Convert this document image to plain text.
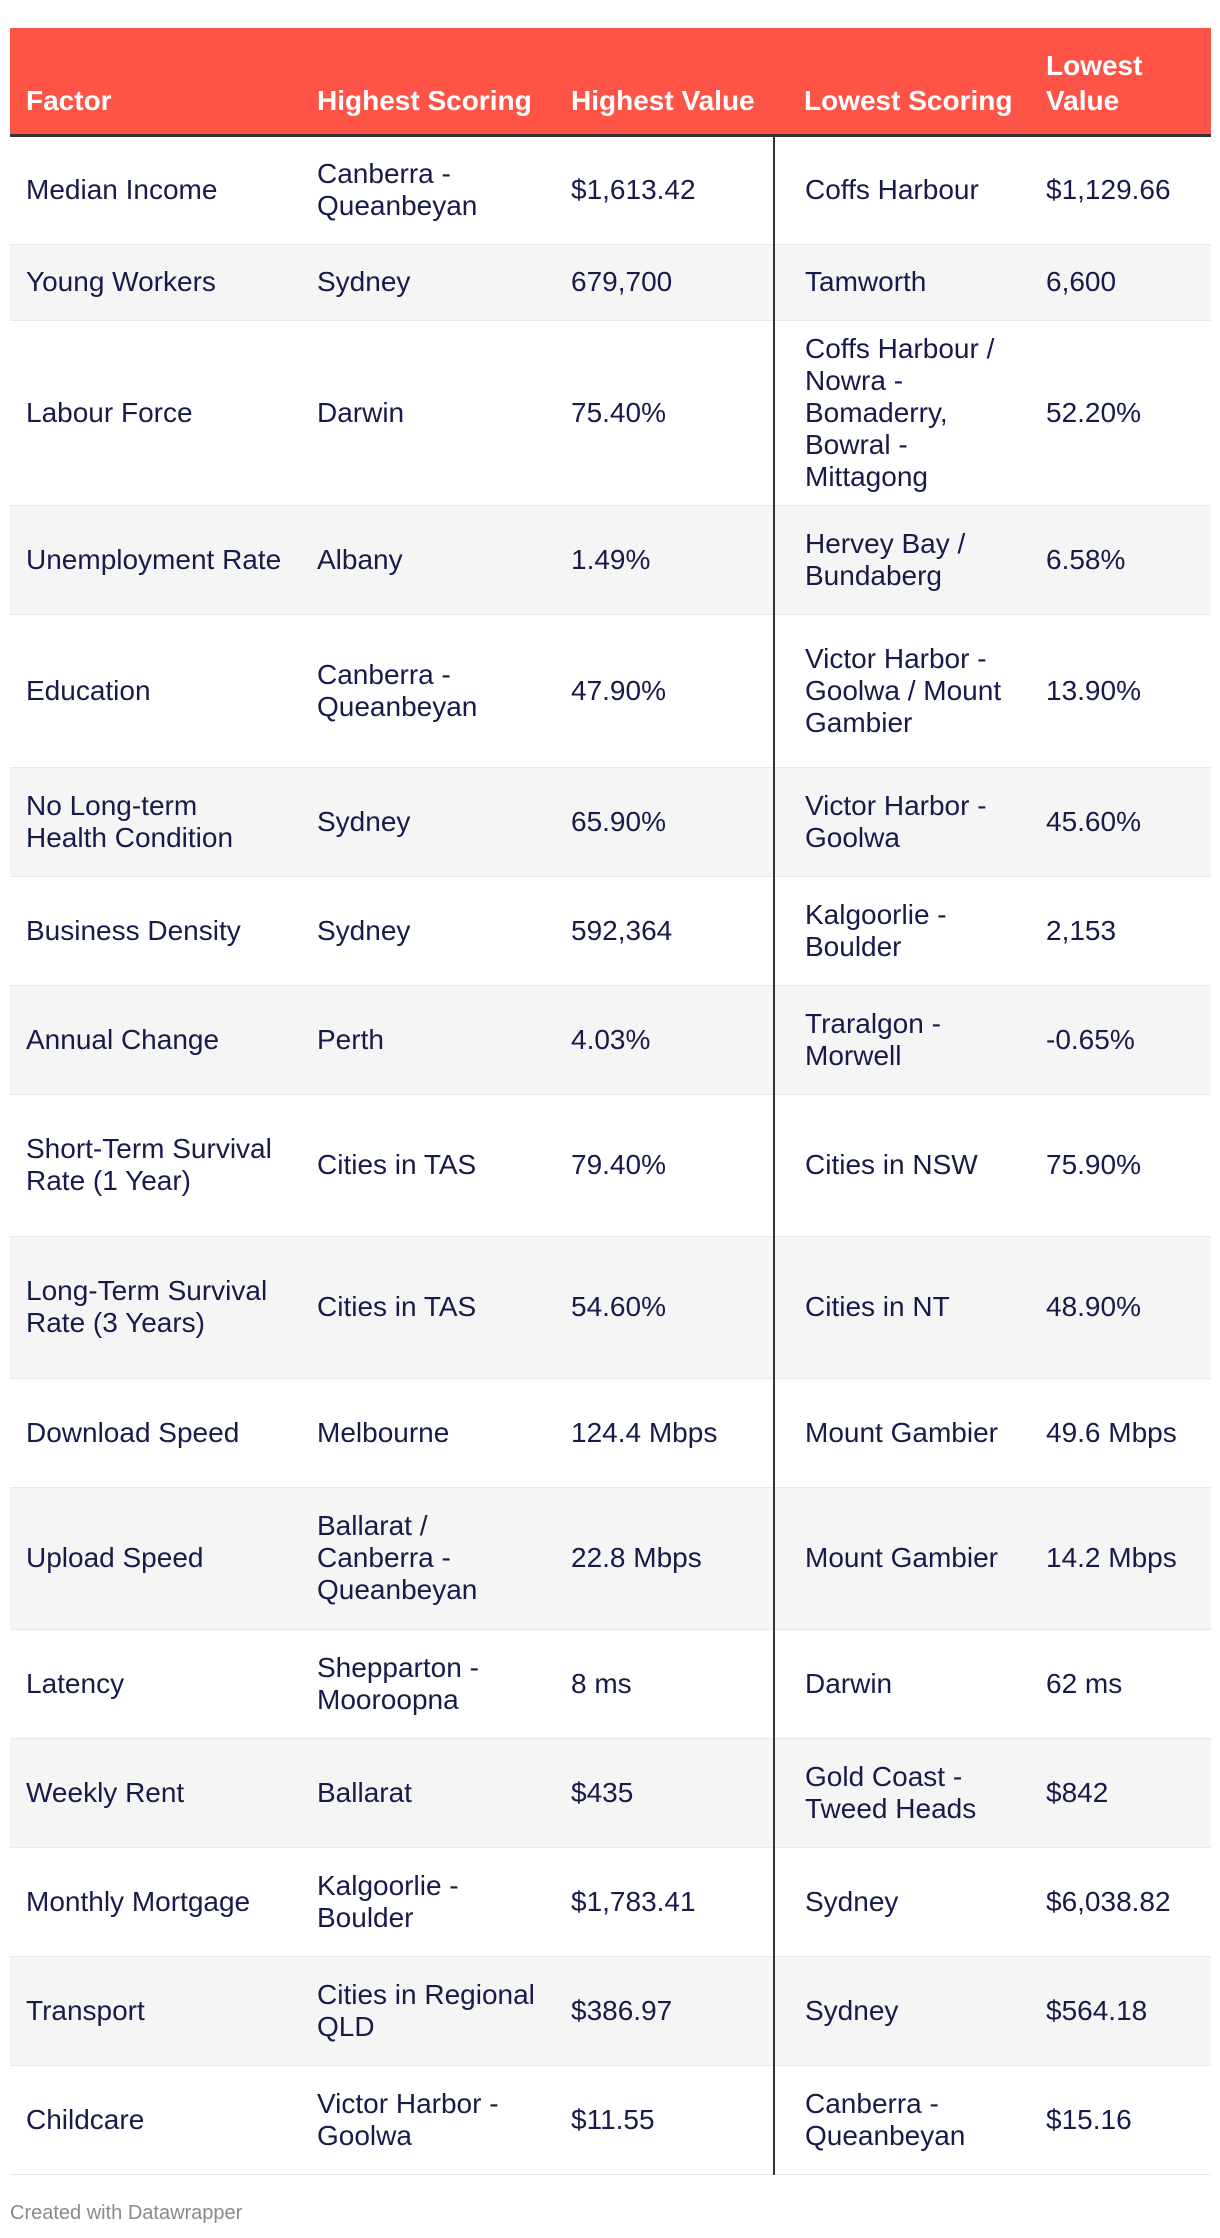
Factor	Highest Scoring	Highest Value	Lowest Scoring	Lowest Value
Median Income	Canberra - Queanbeyan	$1,613.42	Coffs Harbour	$1,129.66
Young Workers	Sydney	679,700	Tamworth	6,600
Labour Force	Darwin	75.40%	Coffs Harbour / Nowra - Bomaderry, Bowral - Mittagong	52.20%
Unemployment Rate	Albany	1.49%	Hervey Bay / Bundaberg	6.58%
Education	Canberra - Queanbeyan	47.90%	Victor Harbor - Goolwa / Mount Gambier	13.90%
No Long-term Health Condition	Sydney	65.90%	Victor Harbor - Goolwa	45.60%
Business Density	Sydney	592,364	Kalgoorlie - Boulder	2,153
Annual Change	Perth	4.03%	Traralgon - Morwell	-0.65%
Short-Term Survival Rate (1 Year)	Cities in TAS	79.40%	Cities in NSW	75.90%
Long-Term Survival Rate (3 Years)	Cities in TAS	54.60%	Cities in NT	48.90%
Download Speed	Melbourne	124.4 Mbps	Mount Gambier	49.6 Mbps
Upload Speed	Ballarat / Canberra - Queanbeyan	22.8 Mbps	Mount Gambier	14.2 Mbps
Latency	Shepparton - Mooroopna	8 ms	Darwin	62 ms
Weekly Rent	Ballarat	$435	Gold Coast - Tweed Heads	$842
Monthly Mortgage	Kalgoorlie - Boulder	$1,783.41	Sydney	$6,038.82
Transport	Cities in Regional QLD	$386.97	Sydney	$564.18
Childcare	Victor Harbor - Goolwa	$11.55	Canberra - Queanbeyan	$15.16
Created with Datawrapper
